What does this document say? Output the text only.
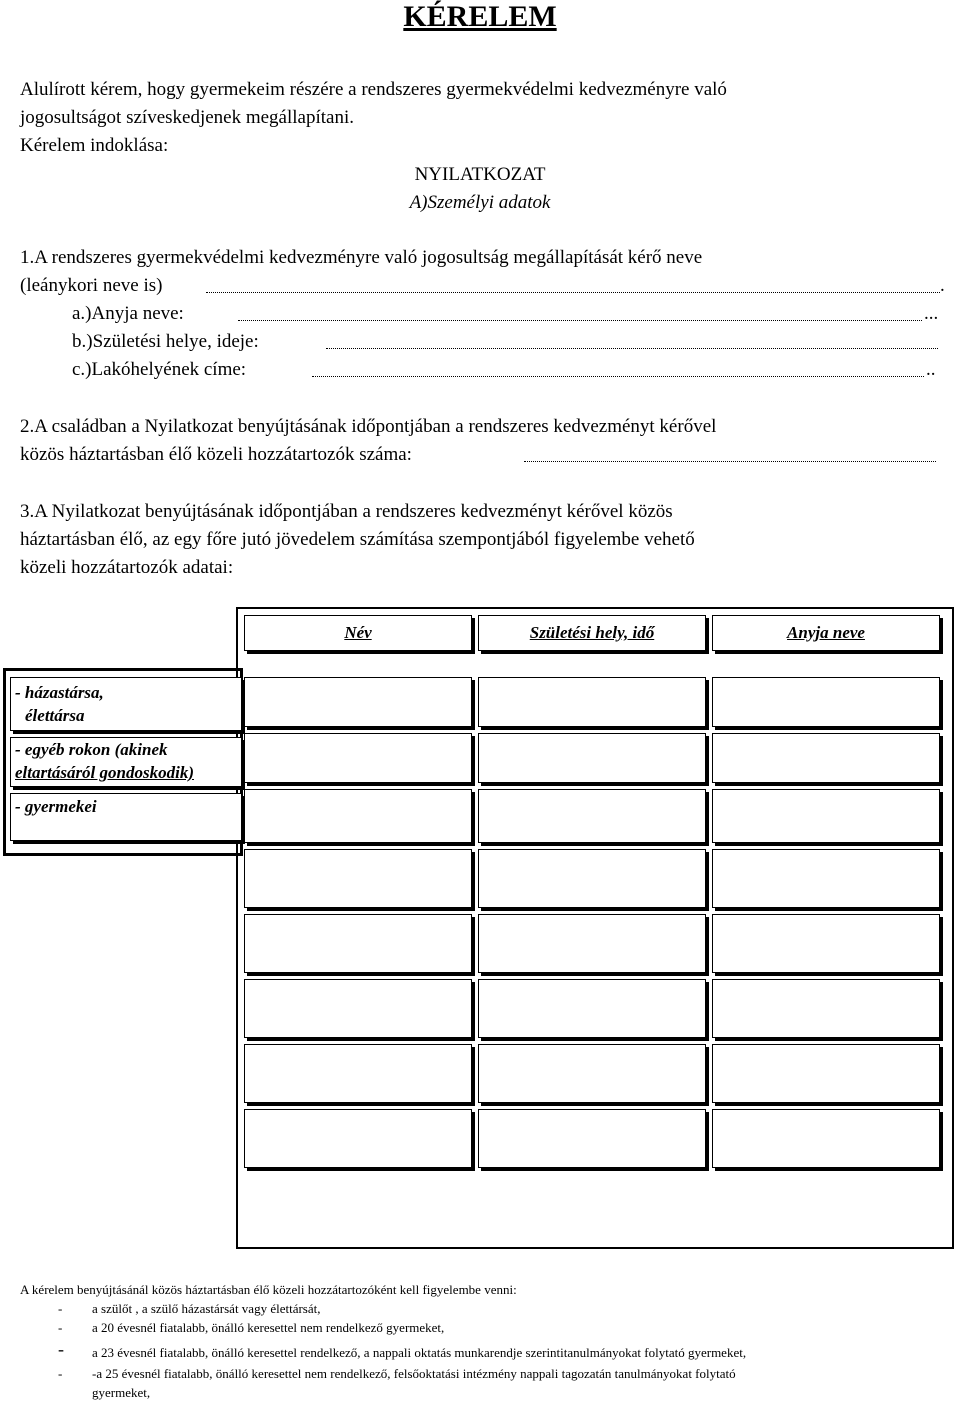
KÉRELEM
Alulírott kérem, hogy gyermekeim részére a rendszeres gyermekvédelmi kedvezményre való
jogosultságot szíveskedjenek megállapítani.
Kérelem indoklása:
NYILATKOZAT
A)Személyi adatok
1.A rendszeres gyermekvédelmi kedvezményre való jogosultság megállapítását kérő neve
(leánykori neve is)	.
a.)Anyja neve:	...
b.)Születési helye, ideje:
c.)Lakóhelyének címe:	..
2.A családban a Nyilatkozat benyújtásának időpontjában a rendszeres kedvezményt kérővel
közös háztartásban élő közeli hozzátartozók száma:
3.A Nyilatkozat benyújtásának időpontjában a rendszeres kedvezményt kérővel közös
háztartásban élő, az egy főre jutó jövedelem számítása szempontjából figyelembe vehető
közeli hozzátartozók adatai:
Név	Születési hely, idő	Anyja neve
- házastársa,
élettársa
- egyéb rokon (akinek
eltartásáról gondoskodik)
- gyermekei
A kérelem benyújtásánál közös háztartásban élő közeli hozzátartozóként kell figyelembe venni:
- a szülőt , a szülő házastársát vagy élettársát,
- a 20 évesnél fiatalabb, önálló keresettel nem rendelkező gyermeket,
- a 23 évesnél fiatalabb, önálló keresettel rendelkező, a nappali oktatás munkarendje szerintitanulmányokat folytató gyermeket,
- -a 25 évesnél fiatalabb, önálló keresettel nem rendelkező, felsőoktatási intézmény nappali tagozatán tanulmányokat folytató
gyermeket,
